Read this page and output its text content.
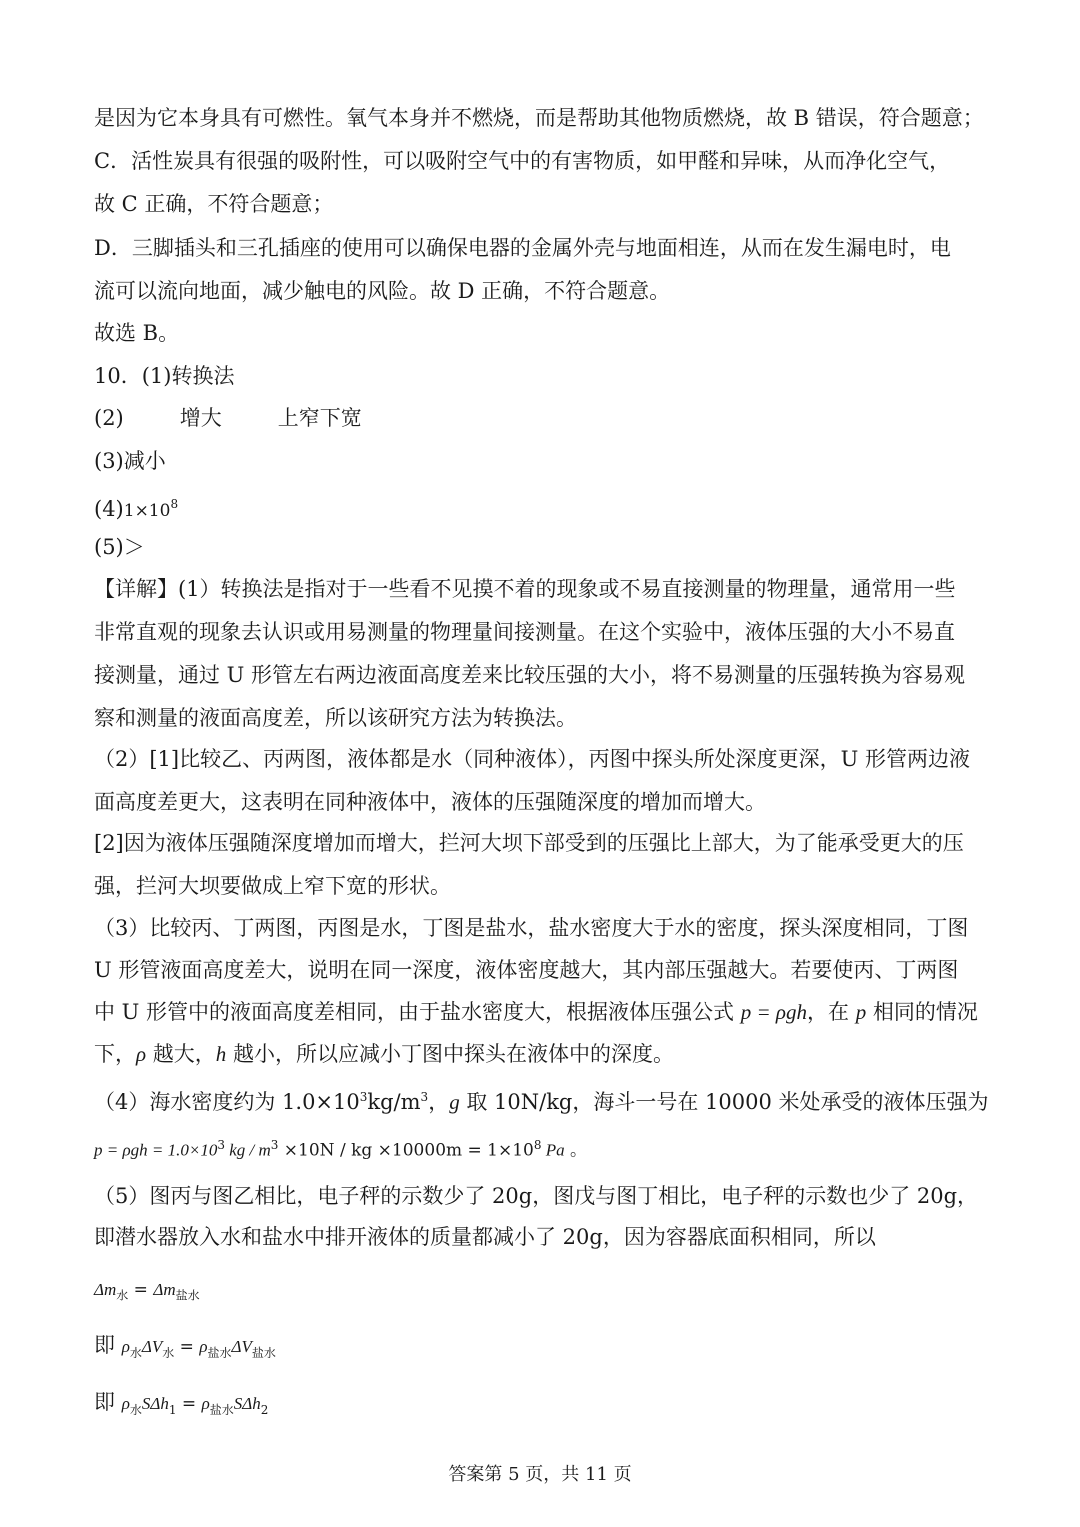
是因为它本身具有可燃性。氧气本身并不燃烧，而是帮助其他物质燃烧，故 B 错误，符合题意；
C．活性炭具有很强的吸附性，可以吸附空气中的有害物质，如甲醛和异味，从而净化空气，
故 C 正确，不符合题意；
D．三脚插头和三孔插座的使用可以确保电器的金属外壳与地面相连，从而在发生漏电时，电
流可以流向地面，减少触电的风险。故 D 正确，不符合题意。
故选 B。
10．(1)转换法
(2)	增大	上窄下宽
(3)减小
$(4)1\times 10^8$
(5)＞
【详解】(1）转换法是指对于一些看不见摸不着的现象或不易直接测量的物理量，通常用一些
非常直观的现象去认识或用易测量的物理量间接测量。在这个实验中，液体压强的大小不易直
接测量，通过 U 形管左右两边液面高度差来比较压强的大小，将不易测量的压强转换为容易观
察和测量的液面高度差，所以该研究方法为转换法。
（2）[1]比较乙、丙两图，液体都是水（同种液体），丙图中探头所处深度更深，U 形管两边液
面高度差更大，这表明在同种液体中，液体的压强随深度的增加而增大。
[2]因为液体压强随深度增加而增大，拦河大坝下部受到的压强比上部大，为了能承受更大的压
强，拦河大坝要做成上窄下宽的形状。
（3）比较丙、丁两图，丙图是水，丁图是盐水，盐水密度大于水的密度，探头深度相同，丁图
U 形管液面高度差大，说明在同一深度，液体密度越大，其内部压强越大。若要使丙、丁两图
中 U 形管中的液面高度差相同，由于盐水密度大，根据液体压强公式 p = ρgh，在 p 相同的情况
下，ρ 越大，h 越小，所以应减小丁图中探头在液体中的深度。
（4）海水密度约为 $1.0\times 10^3kg/m^3$，g 取 10N/kg，海斗一号在 10000 米处承受的液体压强为
$p = \rho gh = 1.0\times 10^3$ kg / $m^3 \times 10N$ / kg $\times 10000m = 1\times 10^8$ Pa 。
（5）图丙与图乙相比，电子秤的示数少了 20g，图戊与图丁相比，电子秤的示数也少了 20g，
即潜水器放入水和盐水中排开液体的质量都减小了 20g，因为容器底面积相同，所以
$\Delta m_水 = \Delta m_{盐水}$
即 $\rho_水\Delta V_水 = \rho_{盐水}\Delta V_{盐水}$
即 $\rho_水S\Delta h_1 = \rho_{盐水}S\Delta h_2$
答案第 5 页，共 11 页
